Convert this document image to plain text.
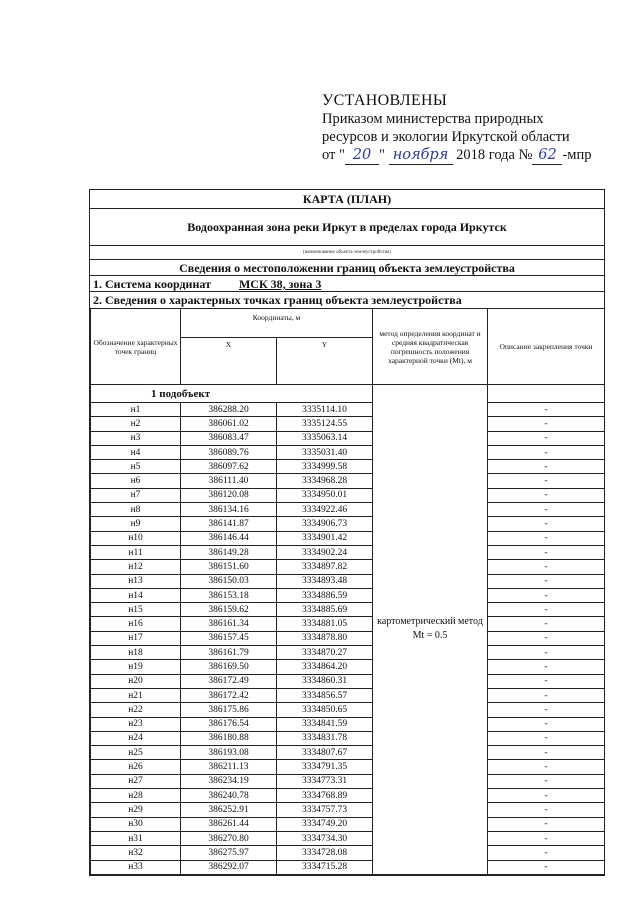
УСТАНОВЛЕНЫ
Приказом министерства природных
ресурсов и экологии Иркутской области
от " 20 " ноября 2018 года № 62 -мпр
КАРТА (ПЛАН)
Водоохранная зона реки Иркут в пределах города Иркутск
(наименование объекта землеустройства)
Сведения о местоположении границ объекта землеустройства
1. Система координат МСК 38, зона 3
2. Сведения о характерных точках границ объекта землеустройства
Обозначение характерных точек границ	Координаты, м		метод определения координат и средняя квадратическая погрешность положения характерной точки (Mt), м	Описание закрепления точки
	X	Y		
1 подобъект			картометрический метод Mt = 0.5	
н1	386288.20	3335114.10		-
н2	386061.02	3335124.55		-
н3	386083.47	3335063.14		-
н4	386089.76	3335031.40		-
н5	386097.62	3334999.58		-
н6	386111.40	3334968.28		-
н7	386120.08	3334950.01		-
н8	386134.16	3334922.46		-
н9	386141.87	3334906.73		-
н10	386146.44	3334901.42		-
н11	386149.28	3334902.24		-
н12	386151.60	3334897.82		-
н13	386150.03	3334893.48		-
н14	386153.18	3334886.59		-
н15	386159.62	3334885.69		-
н16	386161.34	3334881.05		-
н17	386157.45	3334878.80		-
н18	386161.79	3334870.27		-
н19	386169.50	3334864.20		-
н20	386172.49	3334860.31		-
н21	386172.42	3334856.57		-
н22	386175.86	3334850.65		-
н23	386176.54	3334841.59		-
н24	386180.88	3334831.78		-
н25	386193.08	3334807.67		-
н26	386211.13	3334791.35		-
н27	386234.19	3334773.31		-
н28	386240.78	3334768.89		-
н29	386252.91	3334757.73		-
н30	386261.44	3334749.20		-
н31	386270.80	3334734.30		-
н32	386275.97	3334728.08		-
н33	386292.07	3334715.28		-
